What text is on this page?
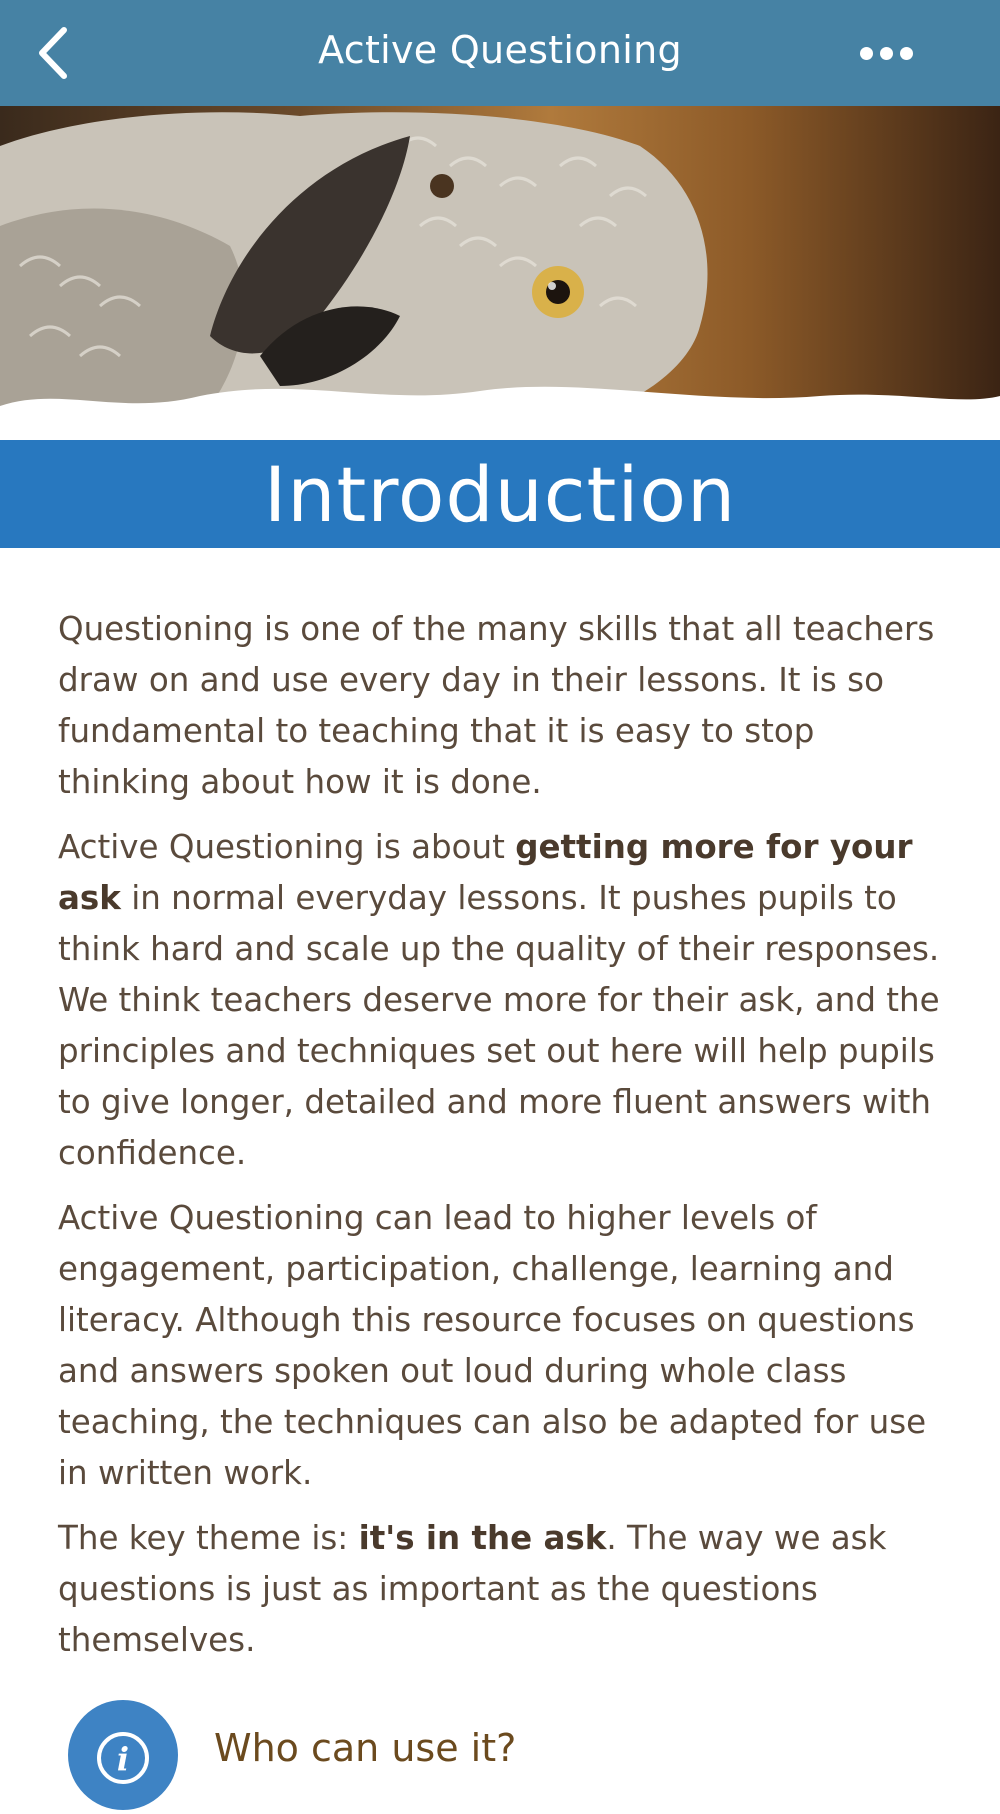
Active Questioning
Introduction

Questioning is one of the many skills that all teachers draw on and use every day in their lessons. It is so fundamental to teaching that it is easy to stop thinking about how it is done.

Active Questioning is about getting more for your ask in normal everyday lessons. It pushes pupils to think hard and scale up the quality of their responses. We think teachers deserve more for their ask, and the principles and techniques set out here will help pupils to give longer, detailed and more fluent answers with confidence.

Active Questioning can lead to higher levels of engagement, participation, challenge, learning and literacy. Although this resource focuses on questions and answers spoken out loud during whole class teaching, the techniques can also be adapted for use in written work.

The key theme is: it's in the ask. The way we ask questions is just as important as the questions themselves.

i Who can use it?
